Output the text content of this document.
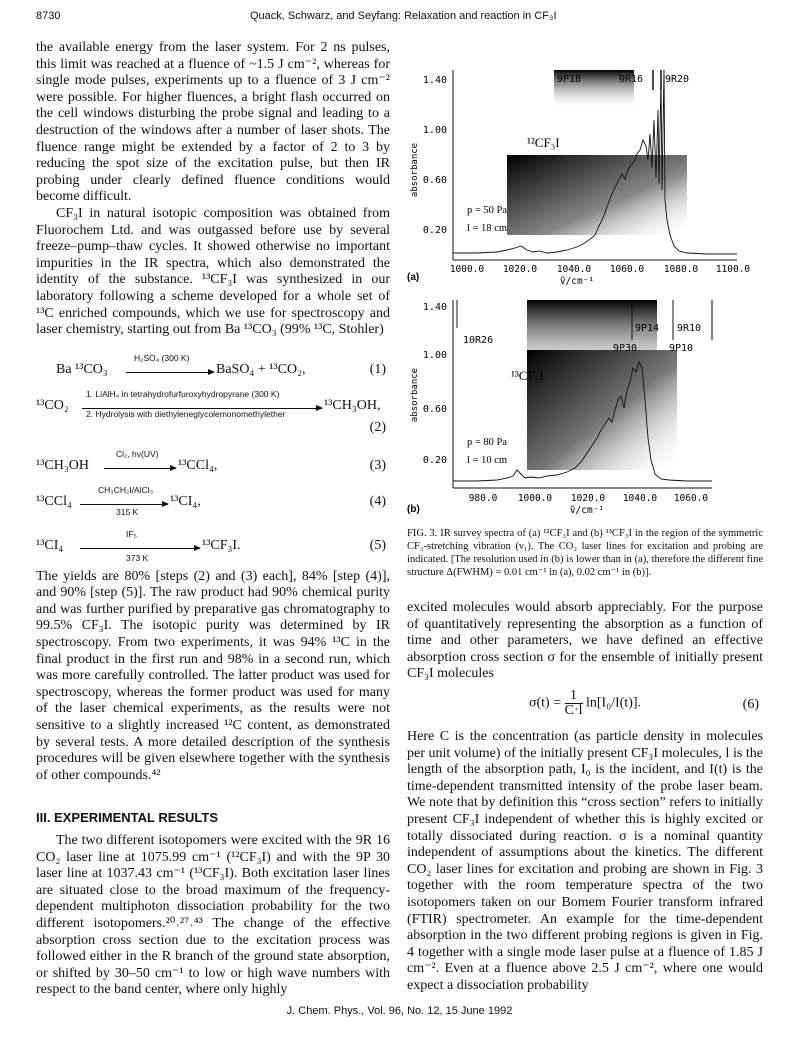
8730	Quack, Schwarz, and Seyfang: Relaxation and reaction in CF₃I

the available energy from the laser system. For 2 ns pulses, this limit was reached at a fluence of ~1.5 J cm⁻², whereas for single mode pulses, experiments up to a fluence of 3 J cm⁻² were possible. For higher fluences, a bright flash occurred on the cell windows disturbing the probe signal and leading to a destruction of the windows after a number of laser shots. The fluence range might be extended by a factor of 2 to 3 by reducing the spot size of the excitation pulse, but then IR probing under clearly defined fluence conditions would become difficult.

CF₃I in natural isotopic composition was obtained from Fluorochem Ltd. and was outgassed before use by several freeze–pump–thaw cycles. It showed otherwise no important impurities in the IR spectra, which also demonstrated the identity of the substance. ¹³CF₃I was synthesized in our laboratory following a scheme developed for a whole set of ¹³C enriched compounds, which we use for spectroscopy and laser chemistry, starting out from Ba ¹³CO₃ (99% ¹³C, Stohler)

Ba ¹³CO₃
H₂SO₄ (300 K)
BaSO₄ + ¹³CO₂,	(1)
¹³CO₂
1. LiAlH₄ in tetrahydrofurfuroxyhydropyrane (300 K)
2. Hydrolysis with diethyleneglycolemonomethylether
¹³CH₃OH,
(2)
¹³CH₃OH
Cl₂, hν(UV)
¹³CCl₄,	(3)
¹³CCl₄
CH₃CH₂I/AlCl₃
315 K
¹³CI₄,	(4)
¹³CI₄
IF₅
373 K
¹³CF₃I.	(5)

The yields are 80% [steps (2) and (3) each], 84% [step (4)], and 90% [step (5)]. The raw product had 90% chemical purity and was further purified by preparative gas chromatography to 99.5% CF₃I. The isotopic purity was determined by IR spectroscopy. From two experiments, it was 94% ¹³C in the final product in the first run and 98% in a second run, which was more carefully controlled. The latter product was used for spectroscopy, whereas the former product was used for many of the laser chemical experiments, as the results were not sensitive to a slightly increased ¹²C content, as demonstrated by several tests. A more detailed description of the synthesis procedures will be given elsewhere together with the synthesis of other compounds.⁴²

III. EXPERIMENTAL RESULTS

The two different isotopomers were excited with the 9R 16 CO₂ laser line at 1075.99 cm⁻¹ (¹²CF₃I) and with the 9P 30 laser line at 1037.43 cm⁻¹ (¹³CF₃I). Both excitation laser lines are situated close to the broad maximum of the frequency-dependent multiphoton dissociation probability for the two different isotopomers.²⁰˒²⁷˒⁴³ The change of the effective absorption cross section due to the excitation process was followed either in the R branch of the ground state absorption, or shifted by 30–50 cm⁻¹ to low or high wave numbers with respect to the band center, where only highly

1.40
1.00
0.60
0.20
absorbance
1000.0 1020.0 1040.0 1060.0 1080.0 1100.0
ṽ/cm⁻¹
9P18	9R16 9R20
¹²CF₃I
p = 50 Pa
l = 18 cm
(a)
1.40
1.00
0.60
0.20
absorbance
980.0 1000.0 1020.0 1040.0 1060.0
ṽ/cm⁻¹
10R26
9P14 9R10
9P30	9P10
¹³CF₃I
p = 80 Pa
l = 10 cm
(b)
FIG. 3. IR survey spectra of (a) ¹²CF₃I and (b) ¹³CF₃I in the region of the symmetric CF₃-stretching vibration (ν₁). The CO₂ laser lines for excitation and probing are indicated. [The resolution used in (b) is lower than in (a), therefore the different fine structure Δ(FWHM) = 0.01 cm⁻¹ in (a), 0.02 cm⁻¹ in (b)].

excited molecules would absorb appreciably. For the purpose of quantitatively representing the absorption as a function of time and other parameters, we have defined an effective absorption cross section σ for the ensemble of initially present CF₃I molecules

$\sigma(t) = \frac{1}{C\cdot l} \ln[I_0/I(t)]$.	(6)

Here C is the concentration (as particle density in molecules per unit volume) of the initially present CF₃I molecules, l is the length of the absorption path, I₀ is the incident, and I(t) is the time-dependent transmitted intensity of the probe laser beam. We note that by definition this “cross section” refers to initially present CF₃I independent of whether this is highly excited or totally dissociated during reaction. σ is a nominal quantity independent of assumptions about the kinetics. The different CO₂ laser lines for excitation and probing are shown in Fig. 3 together with the room temperature spectra of the two isotopomers taken on our Bomem Fourier transform infrared (FTIR) spectrometer. An example for the time-dependent absorption in the two different probing regions is given in Fig. 4 together with a single mode laser pulse at a fluence of 1.85 J cm⁻². Even at a fluence above 2.5 J cm⁻², where one would expect a dissociation probability

J. Chem. Phys., Vol. 96, No. 12, 15 June 1992
